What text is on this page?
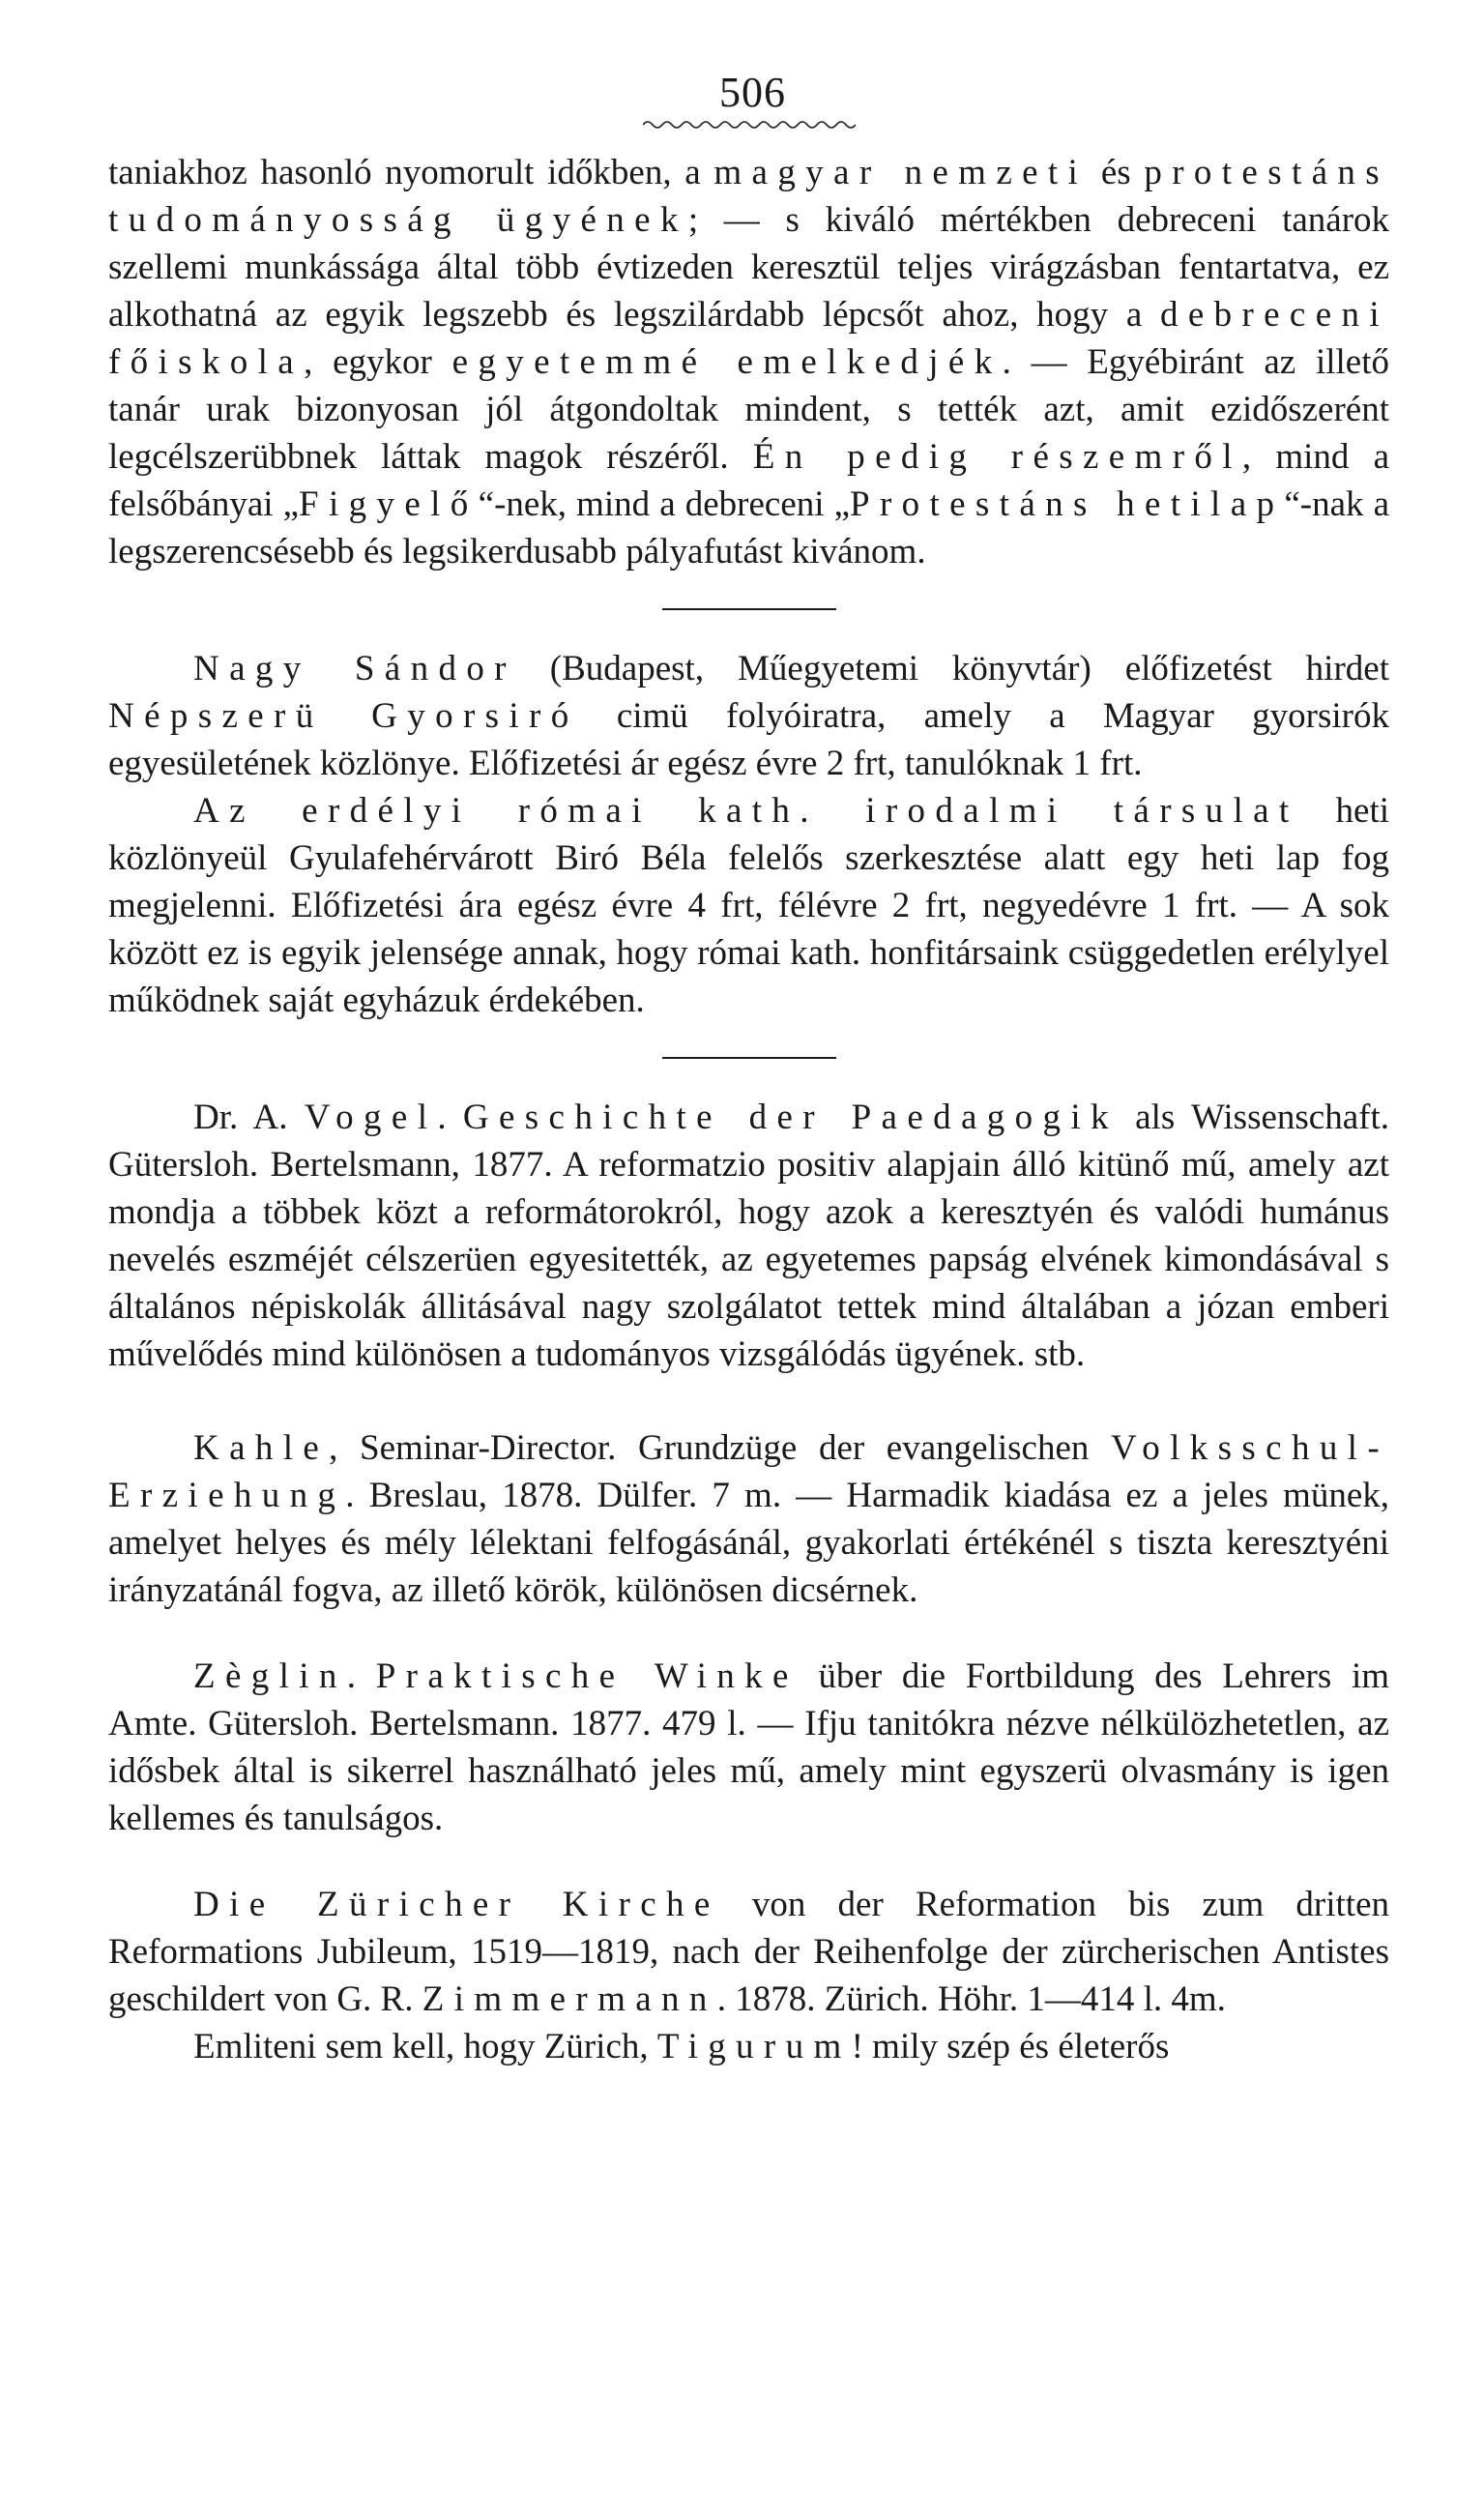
506

taniakhoz hasonló nyomorult időkben, a magyar nemzeti és protestáns tudományosság ügyének; — s kiváló mértékben debreceni tanárok szellemi munkássága által több évtizeden keresztül teljes virágzásban fentartatva, ez alkothatná az egyik legszebb és legszilárdabb lépcsőt ahoz, hogy a debreceni főiskola, egykor egyetemmé emelkedjék. — Egyébiránt az illető tanár urak bizonyosan jól átgondoltak mindent, s tették azt, amit ezidőszerént legcélszerübbnek láttak magok részéről. Én pedig részemről, mind a felsőbányai „Figyelő“-nek, mind a debreceni „Protestáns hetilap“-nak a legszerencsésebb és legsikerdusabb pályafutást kivánom.

Nagy Sándor (Budapest, Műegyetemi könyvtár) előfizetést hirdet Népszerü Gyorsiró cimü folyóiratra, amely a Magyar gyorsirók egyesületének közlönye. Előfizetési ár egész évre 2 frt, tanulóknak 1 frt.

Az erdélyi római kath. irodalmi társulat heti közlönyeül Gyulafehérvárott Biró Béla felelős szerkesztése alatt egy heti lap fog megjelenni. Előfizetési ára egész évre 4 frt, félévre 2 frt, negyedévre 1 frt. — A sok között ez is egyik jelensége annak, hogy római kath. honfitársaink csüggedetlen erélylyel működnek saját egyházuk érdekében.

Dr. A. Vogel. Geschichte der Paedagogik als Wissenschaft. Gütersloh. Bertelsmann, 1877. A reformatzio positiv alapjain álló kitünő mű, amely azt mondja a többek közt a reformátorokról, hogy azok a keresztyén és valódi humánus nevelés eszméjét célszerüen egyesitették, az egyetemes papság elvének kimondásával s általános népiskolák állitásával nagy szolgálatot tettek mind általában a józan emberi művelődés mind különösen a tudományos vizsgálódás ügyének. stb.

Kahle, Seminar-Director. Grundzüge der evangelischen Volksschul-Erziehung. Breslau, 1878. Dülfer. 7 m. — Harmadik kiadása ez a jeles münek, amelyet helyes és mély lélektani felfogásánál, gyakorlati értékénél s tiszta keresztyéni irányzatánál fogva, az illető körök, különösen dicsérnek.

Zèglin. Praktische Winke über die Fortbildung des Lehrers im Amte. Gütersloh. Bertelsmann. 1877. 479 l. — Ifju tanitókra nézve nélkülözhetetlen, az idősbek által is sikerrel használható jeles mű, amely mint egyszerü olvasmány is igen kellemes és tanulságos.

Die Züricher Kirche von der Reformation bis zum dritten Reformations Jubileum, 1519—1819, nach der Reihenfolge der zürcherischen Antistes geschildert von G. R. Zimmermann. 1878. Zürich. Höhr. 1—414 l. 4m.

Emliteni sem kell, hogy Zürich, Tigurum! mily szép és életerős
